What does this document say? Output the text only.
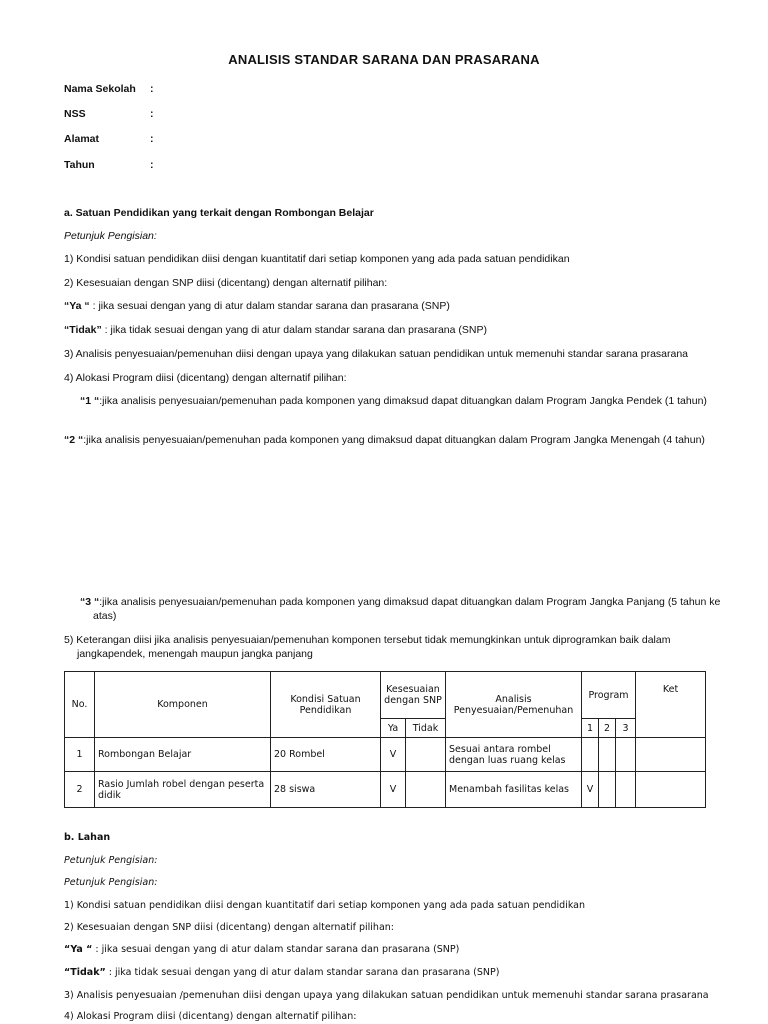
ANALISIS STANDAR SARANA DAN PRASARANA
Nama Sekolah :
NSS	:
Alamat	:
Tahun	:
a. Satuan Pendidikan yang terkait dengan Rombongan Belajar
Petunjuk Pengisian:
1) Kondisi satuan pendidikan diisi dengan kuantitatif dari setiap komponen yang ada pada satuan pendidikan
2) Kesesuaian dengan SNP diisi (dicentang) dengan alternatif pilihan:
“Ya “ : jika sesuai dengan yang di atur dalam standar sarana dan prasarana (SNP)
“Tidak” : jika tidak sesuai dengan yang di atur dalam standar sarana dan prasarana (SNP)
3) Analisis penyesuaian/pemenuhan diisi dengan upaya yang dilakukan satuan pendidikan untuk memenuhi standar sarana prasarana
4) Alokasi Program diisi (dicentang) dengan alternatif pilihan:
“1 “:jika analisis penyesuaian/pemenuhan pada komponen yang dimaksud dapat dituangkan dalam Program Jangka Pendek (1 tahun)
“2 “:jika analisis penyesuaian/pemenuhan pada komponen yang dimaksud dapat dituangkan dalam Program Jangka Menengah (4 tahun)
“3 “:jika analisis penyesuaian/pemenuhan pada komponen yang dimaksud dapat dituangkan dalam Program Jangka Panjang (5 tahun ke atas)
5) Keterangan diisi jika analisis penyesuaian/pemenuhan komponen tersebut tidak memungkinkan untuk diprogramkan baik dalam jangkapendek, menengah maupun jangka panjang
No.	Komponen	Kondisi Satuan Pendidikan	Kesesuaian dengan SNP		Analisis Penyesuaian/Pemenuhan	Program			Ket
			Ya	Tidak		1	2	3	
1	Rombongan Belajar	20 Rombel	V		Sesuai antara rombel dengan luas ruang kelas				
2	Rasio Jumlah robel dengan peserta didik	28 siswa	V		Menambah fasilitas kelas	V			
b. Lahan
Petunjuk Pengisian:
Petunjuk Pengisian:
1) Kondisi satuan pendidikan diisi dengan kuantitatif dari setiap komponen yang ada pada satuan pendidikan
2) Kesesuaian dengan SNP diisi (dicentang) dengan alternatif pilihan:
“Ya “ : jika sesuai dengan yang di atur dalam standar sarana dan prasarana (SNP)
“Tidak” : jika tidak sesuai dengan yang di atur dalam standar sarana dan prasarana (SNP)
3) Analisis penyesuaian /pemenuhan diisi dengan upaya yang dilakukan satuan pendidikan untuk memenuhi standar sarana prasarana
4) Alokasi Program diisi (dicentang) dengan alternatif pilihan:
